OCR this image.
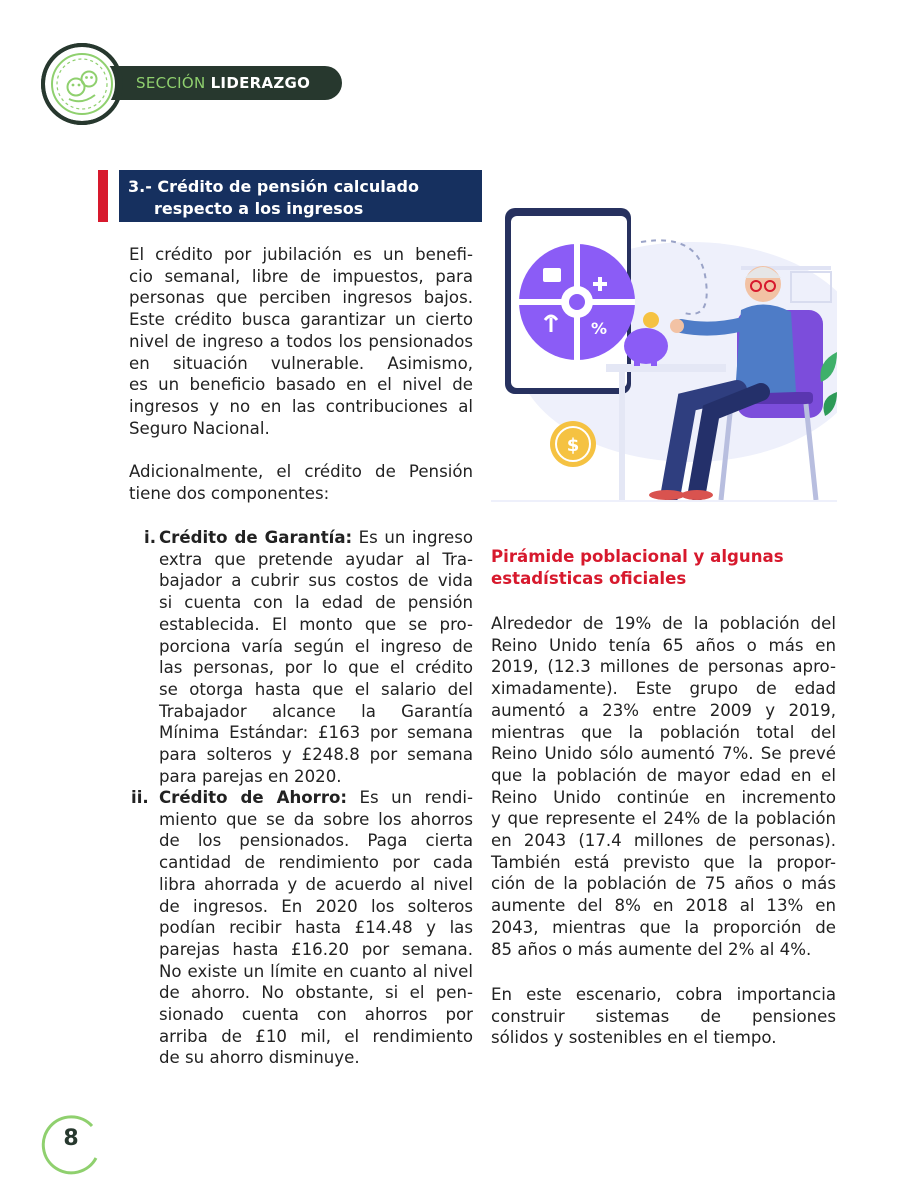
SECCIÓN LIDERAZGO
3.- Crédito de pensión calculado
respecto a los ingresos
El crédito por jubilación es un benefi-
cio semanal, libre de impuestos, para
personas que perciben ingresos bajos.
Este crédito busca garantizar un cierto
nivel de ingreso a todos los pensionados
en situación vulnerable. Asimismo,
es un beneficio basado en el nivel de
ingresos y no en las contribuciones al
Seguro Nacional.
Adicionalmente, el crédito de Pensión
tiene dos componentes:
i. Crédito de Garantía: Es un ingreso
extra que pretende ayudar al Tra-
bajador a cubrir sus costos de vida
si cuenta con la edad de pensión
establecida. El monto que se pro-
porciona varía según el ingreso de
las personas, por lo que el crédito
se otorga hasta que el salario del
Trabajador alcance la Garantía
Mínima Estándar: £163 por semana
para solteros y £248.8 por semana
para parejas en 2020.
ii. Crédito de Ahorro: Es un rendi-
miento que se da sobre los ahorros
de los pensionados. Paga cierta
cantidad de rendimiento por cada
libra ahorrada y de acuerdo al nivel
de ingresos. En 2020 los solteros
podían recibir hasta £14.48 y las
parejas hasta £16.20 por semana.
No existe un límite en cuanto al nivel
de ahorro. No obstante, si el pen-
sionado cuenta con ahorros por
arriba de £10 mil, el rendimiento
de su ahorro disminuye.
%
$
Pirámide poblacional y algunas
estadísticas oficiales
Alrededor de 19% de la población del
Reino Unido tenía 65 años o más en
2019, (12.3 millones de personas apro-
ximadamente). Este grupo de edad
aumentó a 23% entre 2009 y 2019,
mientras que la población total del
Reino Unido sólo aumentó 7%. Se prevé
que la población de mayor edad en el
Reino Unido continúe en incremento
y que represente el 24% de la población
en 2043 (17.4 millones de personas).
También está previsto que la propor-
ción de la población de 75 años o más
aumente del 8% en 2018 al 13% en
2043, mientras que la proporción de
85 años o más aumente del 2% al 4%.
En este escenario, cobra importancia
construir sistemas de pensiones
sólidos y sostenibles en el tiempo.
8
